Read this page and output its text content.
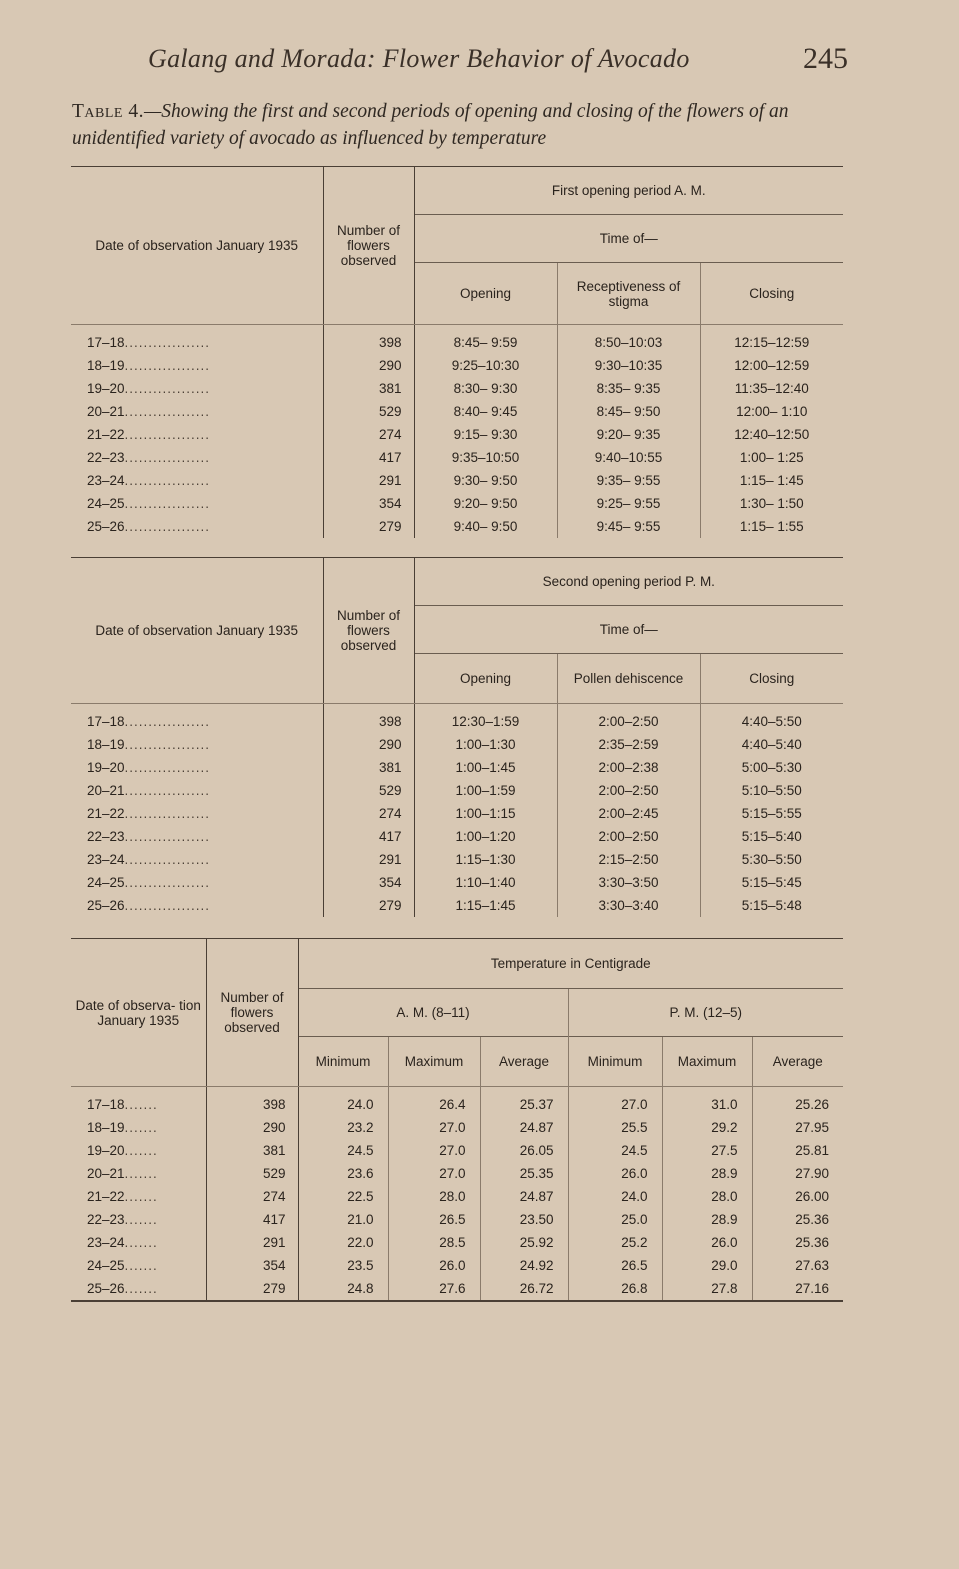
Galang and Morada: Flower Behavior of Avocado	245
Table 4.—Showing the first and second periods of opening and closing of the flowers of an unidentified variety of avocado as influenced by temperature
Date of observation January 1935	Number of flowers observed	First opening period A. M.		
		Time of—		
		Opening	Receptiveness of stigma	Closing
17–18..................	398	8:45– 9:59	8:50–10:03	12:15–12:59
18–19..................	290	9:25–10:30	9:30–10:35	12:00–12:59
19–20..................	381	8:30– 9:30	8:35– 9:35	11:35–12:40
20–21..................	529	8:40– 9:45	8:45– 9:50	12:00– 1:10
21–22..................	274	9:15– 9:30	9:20– 9:35	12:40–12:50
22–23..................	417	9:35–10:50	9:40–10:55	1:00– 1:25
23–24..................	291	9:30– 9:50	9:35– 9:55	1:15– 1:45
24–25..................	354	9:20– 9:50	9:25– 9:55	1:30– 1:50
25–26..................	279	9:40– 9:50	9:45– 9:55	1:15– 1:55
Date of observation January 1935	Number of flowers observed	Second opening period P. M.		
		Time of—		
		Opening	Pollen dehiscence	Closing
17–18..................	398	12:30–1:59	2:00–2:50	4:40–5:50
18–19..................	290	1:00–1:30	2:35–2:59	4:40–5:40
19–20..................	381	1:00–1:45	2:00–2:38	5:00–5:30
20–21..................	529	1:00–1:59	2:00–2:50	5:10–5:50
21–22..................	274	1:00–1:15	2:00–2:45	5:15–5:55
22–23..................	417	1:00–1:20	2:00–2:50	5:15–5:40
23–24..................	291	1:15–1:30	2:15–2:50	5:30–5:50
24–25..................	354	1:10–1:40	3:30–3:50	5:15–5:45
25–26..................	279	1:15–1:45	3:30–3:40	5:15–5:48
Date of observa- tion January 1935	Number of flowers observed	Temperature in Centigrade					
		A. M. (8–11)			P. M. (12–5)		
		Minimum	Maximum	Average	Minimum	Maximum	Average
17–18.......	398	24.0	26.4	25.37	27.0	31.0	25.26
18–19.......	290	23.2	27.0	24.87	25.5	29.2	27.95
19–20.......	381	24.5	27.0	26.05	24.5	27.5	25.81
20–21.......	529	23.6	27.0	25.35	26.0	28.9	27.90
21–22.......	274	22.5	28.0	24.87	24.0	28.0	26.00
22–23.......	417	21.0	26.5	23.50	25.0	28.9	25.36
23–24.......	291	22.0	28.5	25.92	25.2	26.0	25.36
24–25.......	354	23.5	26.0	24.92	26.5	29.0	27.63
25–26.......	279	24.8	27.6	26.72	26.8	27.8	27.16
